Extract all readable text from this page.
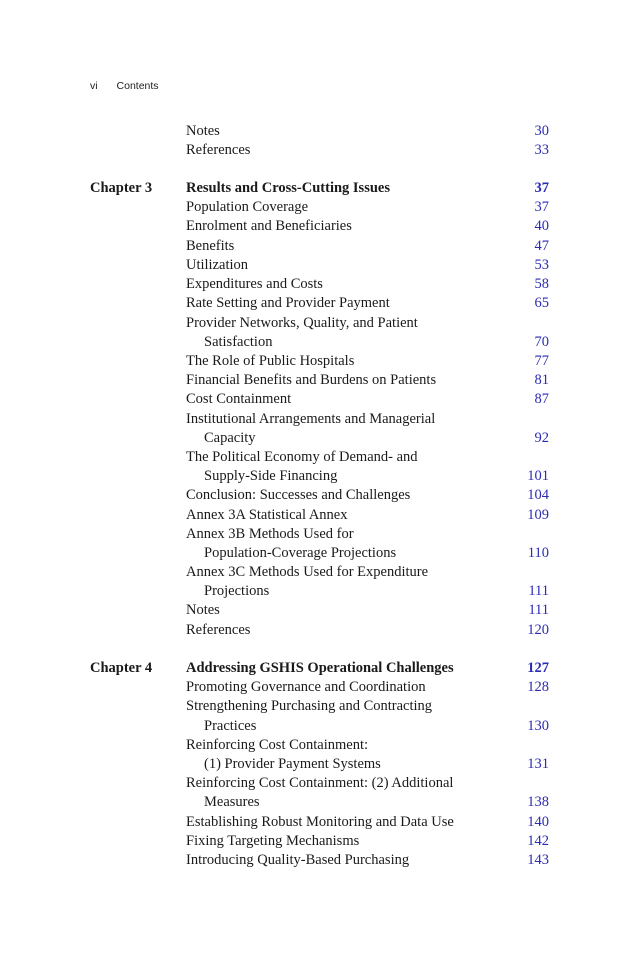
vi Contents
Notes	30
References	33
Chapter 3 Results and Cross-Cutting Issues	37
Population Coverage	37
Enrolment and Beneficiaries	40
Benefits	47
Utilization	53
Expenditures and Costs	58
Rate Setting and Provider Payment	65
Provider Networks, Quality, and Patient
Satisfaction	70
The Role of Public Hospitals	77
Financial Benefits and Burdens on Patients	81
Cost Containment	87
Institutional Arrangements and Managerial
Capacity	92
The Political Economy of Demand- and
Supply-Side Financing	101
Conclusion: Successes and Challenges	104
Annex 3A Statistical Annex	109
Annex 3B Methods Used for
Population-Coverage Projections	110
Annex 3C Methods Used for Expenditure
Projections	111
Notes	111
References	120
Chapter 4 Addressing GSHIS Operational Challenges	127
Promoting Governance and Coordination	128
Strengthening Purchasing and Contracting
Practices	130
Reinforcing Cost Containment:
(1) Provider Payment Systems	131
Reinforcing Cost Containment: (2) Additional
Measures	138
Establishing Robust Monitoring and Data Use	140
Fixing Targeting Mechanisms	142
Introducing Quality-Based Purchasing	143
